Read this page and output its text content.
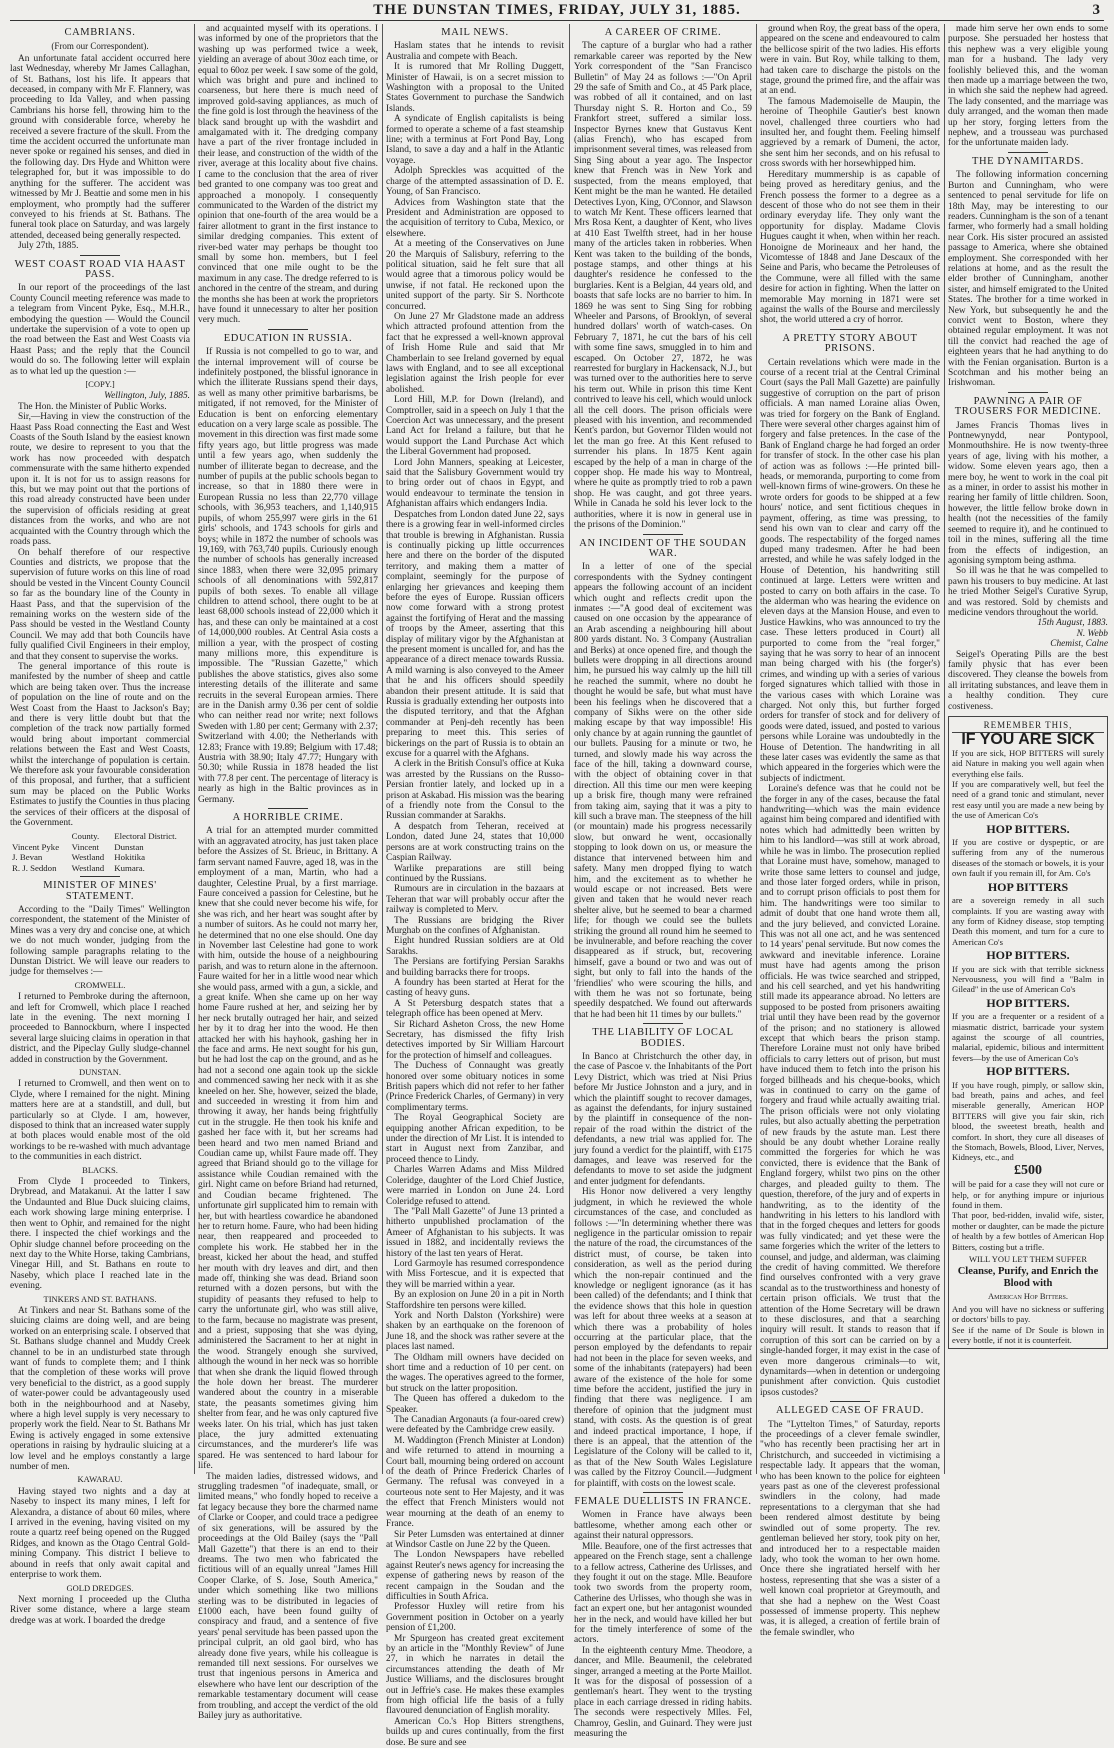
THE DUNSTAN TIMES, FRIDAY, JULY 31, 1885.	3
CAMBRIANS.
(From our Correspondent).

An unfortunate fatal accident occurred here last Wednesday, whereby Mr James Callaghan, of St. Bathans, lost his life. It appears that deceased, in company with Mr F. Flannery, was proceeding to Ida Valley, and when passing Cambrians his horse fell, throwing him to the ground with considerable force, whereby he received a severe fracture of the skull. From the time the accident occurred the unfortunate man never spoke or regained his senses, and died in the following day. Drs Hyde and Whitton were telegraphed for, but it was impossible to do anything for the sufferer. The accident was witnessed by Mr J. Beattie and some men in his employment, who promptly had the sufferer conveyed to his friends at St. Bathans. The funeral took place on Saturday, and was largely attended, deceased being generally respected.

July 27th, 1885.

WEST COAST ROAD VIA HAAST PASS.

In our report of the proceedings of the last County Council meeting reference was made to a telegram from Vincent Pyke, Esq., M.H.R., embodying the question — Would the Council undertake the supervision of a vote to open up the road between the East and West Coasts via Haast Pass; and the reply that the Council would do so. The following letter will explain as to what led up the question :—

[COPY.]
Wellington, July, 1885.

The Hon. the Minister of Public Works.

Sir,—Having in view the construction of the Haast Pass Road connecting the East and West Coasts of the South Island by the easiest known route, we desire to represent to you that the work has now proceeded with despatch commensurate with the same hitherto expended upon it. It is not for us to assign reasons for this, but we may point out that the portions of this road already constructed have been under the supervision of officials residing at great distances from the works, and who are not acquainted with the Country through which the roads pass.

On behalf therefore of our respective Counties and districts, we propose that the supervision of future works on this line of road should be vested in the Vincent County Council so far as the boundary line of the County in Haast Pass, and that the supervision of the remaining works on the western side of the Pass should be vested in the Westland County Council. We may add that both Councils have fully qualified Civil Engineers in their employ, and that they consent to supervise the works.

The general importance of this route is manifested by the number of sheep and cattle which are being taken over. Thus the increase of population on the line of route and on the West Coast from the Haast to Jackson's Bay; and there is very little doubt but that the completion of the track now partially formed would bring about important commercial relations between the East and West Coasts, whilst the interchange of population is certain. We therefore ask your favourable consideration of this proposal, and further, that a sufficient sum may be placed on the Public Works Estimates to justify the Counties in thus placing the services of their officers at the disposal of the Government.

	County.	Electoral District.
Vincent Pyke	Vincent	Dunstan
J. Bevan	Westland	Hokitika
R. J. Seddon	Westland	Kumara.
MINISTER OF MINES' STATEMENT.

According to the "Daily Times" Wellington correspondent, the statement of the Minister of Mines was a very dry and concise one, at which we do not much wonder, judging from the following sample paragraphs relating to the Dunstan District. We will leave our readers to judge for themselves :—

CROMWELL.

I returned to Pembroke during the afternoon, and left for Cromwell, which place I reached late in the evening. The next morning I proceeded to Bannockburn, where I inspected several large sluicing claims in operation in that district, and the Pipeclay Gully sludge-channel added in construction by the Government.

DUNSTAN.

I returned to Cromwell, and then went on to Clyde, where I remained for the night. Mining matters here are at a standstill, and dull, but particularly so at Clyde. I am, however, disposed to think that an increased water supply at both places would enable most of the old workings to be re-washed with much advantage to the communities in each district.

BLACKS.

From Clyde I proceeded to Tinkers, Drybread, and Matakanui. At the latter I saw the Undaunted and Blue Duck sluicing claims, each work showing large mining enterprise. I then went to Ophir, and remained for the night there. I inspected the chief workings and the Ophir sludge channel before proceeding on the next day to the White Horse, taking Cambrians, Vinegar Hill, and St. Bathans en route to Naseby, which place I reached late in the evening.

TINKERS AND ST. BATHANS.

At Tinkers and near St. Bathans some of the sluicing claims are doing well, and are being worked on an enterprising scale. I observed that St. Bathans sludge channel and Muddy Creek channel to be in an undisturbed state through want of funds to complete them; and I think that the completion of these works will prove very beneficial to the district, as a good supply of water-power could be advantageously used both in the neighbourhood and at Naseby, where a high level supply is very necessary to properly work the field. Near to St. Bathans Mr Ewing is actively engaged in some extensive operations in raising by hydraulic sluicing at a low level and he employs constantly a large number of men.

KAWARAU.

Having stayed two nights and a day at Naseby to inspect its many mines, I left for Alexandra, a distance of about 60 miles, where I arrived in the evening, having visited on my route a quartz reef being opened on the Rugged Ridges, and known as the Otago Central Gold-mining Company. This district I believe to abound in reefs that only await capital and enterprise to work them.

GOLD DREDGES.

Next morning I proceeded up the Clutha River some distance, where a large steam dredge was at work. I boarded the dredge

and acquainted myself with its operations. I was informed by one of the proprietors that the washing up was performed twice a week, yielding an average of about 30oz each time, or equal to 60oz per week. I saw some of the gold, which was bright and pure and inclined to coarseness, but here there is much need of improved gold-saving appliances, as much of the fine gold is lost through the heaviness of the black sand brought up with the washdirt and amalgamated with it. The dredging company have a part of the river frontage included in their lease, and construction of the width of the river, average at this locality about five chains. I came to the conclusion that the area of river bed granted to one company was too great and approached a monopoly. I consequently communicated to the Warden of the district my opinion that one-fourth of the area would be a fairer allotment to grant in the first instance to similar dredging companies. This extent of river-bed water may perhaps be thought too small by some hon. members, but I feel convinced that one mile ought to be the maximum in any case. The dredge referred to is anchored in the centre of the stream, and during the months she has been at work the proprietors have found it unnecessary to alter her position very much.

EDUCATION IN RUSSIA.

If Russia is not compelled to go to war, and the internal improvement will of course be indefinitely postponed, the blissful ignorance in which the illiterate Russians spend their days, as well as many other primitive barbarisms, be mitigated, if not removed, for the Minister of Education is bent on enforcing elementary education on a very large scale as possible. The movement in this direction was first made some fifty years ago, but little progress was made until a few years ago, when suddenly the number of illiterate began to decrease, and the number of pupils at the public schools began to increase, so that in 1880 there were in European Russia no less than 22,770 village schools, with 36,953 teachers, and 1,140,915 pupils, of whom 255,997 were girls in the 61 girls' schools, and 1743 schools for girls and boys; while in 1872 the number of schools was 19,169, with 763,740 pupils. Curiously enough the number of schools has generally increased since 1883, when there were 32,095 primary schools of all denominations with 592,817 pupils of both sexes. To enable all village children to attend school, there ought to be at least 68,000 schools instead of 22,000 which it has, and these can only be maintained at a cost of 14,000,000 roubles. At Central Asia costs a million a year, with the prospect of costing many millions more, this expenditure is impossible. The "Russian Gazette," which publishes the above statistics, gives also some interesting details of the illiterate and same recruits in the several European armies. There are in the Danish army 0.36 per cent of soldie who can neither read nor write; next follows Sweden with 1.80 per cent; Germany with 2.37; Switzerland with 4.00; the Netherlands with 12.83; France with 19.89; Belgium with 17.48; Austria with 38.90; Italy 47.77; Hungary with 50.30; while Russia in 1878 headed the list with 77.8 per cent. The percentage of literacy is nearly as high in the Baltic provinces as in Germany.

A HORRIBLE CRIME.

A trial for an attempted murder committed with an aggravated atrocity, has just taken place before the Assizes of St. Brieuc, in Brittany. A farm servant named Fauvre, aged 18, was in the employment of a man, Martin, who had a daughter, Celestine Prual, by a first marriage. Faure conceived a passion for Celestine, but he knew that she could never become his wife, for she was rich, and her heart was sought after by a number of suitors. As he could not marry her, he determined that no one else should. One day in November last Celestine had gone to work with him, outside the house of a neighbouring parish, and was to return alone in the afternoon. Faure waited for her in a little wood near which she would pass, armed with a gun, a sickle, and a great knife. When she came up on her way home Faure rushed at her, and seizing her by her neck brutally outraged her hair, and seized her by it to drag her into the wood. He then attacked her with his hayhook, gashing her in the face and arms. He next sought for his gun, but he had lost the cap on the ground, and as he had not a second one again took up the sickle and commenced sawing her neck with it as she kneeled on her. She, however, seized the blade, and succeeded in wresting it from him and throwing it away, her hands being frightfully cut in the struggle. He then took his knife and gashed her face with it, but her screams had been heard and two men named Briand and Coudian came up, whilst Faure made off. They agreed that Briand should go to the village for assistance while Coudian remained with the girl. Night came on before Briand had returned, and Coudian became frightened. The unfortunate girl supplicated him to remain with her, but with heartless cowardice he abandoned her to return home. Faure, who had been hiding near, then reappeared and proceeded to complete his work. He stabbed her in the breast, kicked her about the head, and stuffed her mouth with dry leaves and dirt, and then made off, thinking she was dead. Briand soon returned with a dozen persons, but with the stupidity of peasants they refused to help to carry the unfortunate girl, who was still alive, to the farm, because no magistrate was present, and a priest, supposing that she was dying, administered the Sacrament to her at night in the wood. Strangely enough she survived, although the wound in her neck was so horrible that when she drank the liquid flowed through the hole down her breast. The murderer wandered about the country in a miserable state, the peasants sometimes giving him shelter from fear, and he was only captured five weeks later. On his trial, which has just taken place, the jury admitted extenuating circumstances, and the murderer's life was spared. He was sentenced to hard labour for life.

The maiden ladies, distressed widows, and struggling tradesmen "of inadequate, small, or limited means," who fondly hoped to receive a fat legacy because they bore the charmed name of Clarke or Cooper, and could trace a pedigree of six generations, will be assured by the proceedings at the Old Bailey (says the "Pall Mall Gazette") that there is an end to their dreams. The two men who fabricated the fictitious will of an equally unreal "James Hill Cooper Clarke, of S. Jose, South America," under which something like two millions sterling was to be distributed in legacies of £1000 each, have been found guilty of conspiracy and fraud, and a sentence of five years' penal servitude has been passed upon the principal culprit, an old gaol bird, who has already done five years, while his colleague is remanded till next sessions. For ourselves we trust that ingenious persons in America and elsewhere who have lent our description of the remarkable testamentary document will cease from troubling, and accept the verdict of the old Bailey jury as authoritative.

MAIL NEWS.

Haslam states that he intends to revisit Australia and compete with Beach.

It is rumored that Mr Rolling Duggett, Minister of Hawaii, is on a secret mission to Washington with a proposal to the United States Government to purchase the Sandwich Islands.

A syndicate of English capitalists is being formed to operate a scheme of a fast steamship line; with a terminus at Fort Pond Bay, Long Island, to save a day and a half in the Atlantic voyage.

Adolph Spreckles was acquitted of the charge of the attempted assassination of D. E. Young, of San Francisco.

Advices from Washington state that the President and Administration are opposed to the acquisition of territory to Cuba, Mexico, or elsewhere.

At a meeting of the Conservatives on June 20 the Marquis of Salisbury, referring to the political situation, said he felt sure that all would agree that a timorous policy would be unwise, if not fatal. He reckoned upon the united support of the party. Sir S. Northcote concurred.

On June 27 Mr Gladstone made an address which attracted profound attention from the fact that he expressed a well-known approval of Irish Home Rule and said that Mr Chamberlain to see Ireland governed by equal laws with England, and to see all exceptional legislation against the Irish people for ever abolished.

Lord Hill, M.P. for Down (Ireland), and Comptroller, said in a speech on July 1 that the Coercion Act was unnecessary, and the present Land Act for Ireland a failure, but that he would support the Land Purchase Act which the Liberal Government had proposed.

Lord John Manners, speaking at Leicester, said that the Salisbury Government would try to bring order out of chaos in Egypt, and would endeavour to terminate the tension in Afghanistan affairs which endangers India.

Despatches from London dated June 22, says there is a growing fear in well-informed circles that trouble is brewing in Afghanistan. Russia is continually picking up little occurrences here and there on the border of the disputed territory, and making them a matter of complaint, seemingly for the purpose of enlarging her grievances and keeping them before the eyes of Europe. Russian officers now come forward with a strong protest against the fortifying of Herat and the massing of troops by the Ameer, asserting that this display of military vigor by the Afghanistan at the present moment is uncalled for, and has the appearance of a direct menace towards Russia. A mild warning is also conveyed to the Ameer that he and his officers should speedily abandon their present attitude. It is said that Russia is gradually extending her outposts into the disputed territory, and that the Afghan commander at Penj-deh recently has been preparing to meet this. This series of bickerings on the part of Russia is to obtain an excuse for a quarrel with the Afghans.

A clerk in the British Consul's office at Kuka was arrested by the Russians on the Russo-Persian frontier lately, and locked up in a prison at Askabad. His mission was the bearing of a friendly note from the Consul to the Russian commander at Sarakhs.

A despatch from Teheran, received at London, dated June 24, states that 10,000 persons are at work constructing trains on the Caspian Railway.

Warlike preparations are still being continued by the Russians.

Rumours are in circulation in the bazaars at Teheran that war will probably occur after the railway is completed to Merv.

The Russians are bridging the River Murghab on the confines of Afghanistan.

Eight hundred Russian soldiers are at Old Sarakhs.

The Persians are fortifying Persian Sarakhs and building barracks there for troops.

A foundry has been started at Herat for the casting of heavy guns.

A St Petersburg despatch states that a telegraph office has been opened at Merv.

Sir Richard Asheton Cross, the new Home Secretary, has dismissed the fifty Irish detectives imported by Sir William Harcourt for the protection of himself and colleagues.

The Duchess of Connaught was greatly honored over some obituary notices in some British papers which did not refer to her father (Prince Frederick Charles, of Germany) in very complimentary terms.

The Royal Geographical Society are equipping another African expedition, to be under the direction of Mr List. It is intended to start in August next from Zanzibar, and proceed thence to Lindy.

Charles Warren Adams and Miss Mildred Coleridge, daughter of the Lord Chief Justice, were married in London on June 24. Lord Coleridge refused to attend.

The "Pall Mall Gazette" of June 13 printed a hitherto unpublished proclamation of the Ameer of Afghanistan to his subjects. It was issued in 1882, and incidentally reviews the history of the last ten years of Herat.

Lord Garmoyle has resumed correspondence with Miss Fortescue, and it is expected that they will be married within a year.

By an explosion on June 20 in a pit in North Staffordshire ten persons were killed.

York and North Dalston (Yorkshire) were shaken by an earthquake on the forenoon of June 18, and the shock was rather severe at the places last named.

The Oldham mill owners have decided on short time and a reduction of 10 per cent. on the wages. The operatives agreed to the former, but struck on the latter proposition.

The Queen has offered a dukedom to the Speaker.

The Canadian Argonauts (a four-oared crew) were defeated by the Cambridge crew easily.

M. Waddington (French Minister at London) and wife returned to attend in mourning a Court ball, mourning being ordered on account of the death of Prince Frederick Charles of Germany. The refusal was conveyed in a courteous note sent to Her Majesty, and it was the effect that French Ministers would not wear mourning at the death of an enemy to France.

Sir Peter Lumsden was entertained at dinner at Windsor Castle on June 22 by the Queen.

The London Newspapers have rebelled against Reuter's news agency for increasing the expense of gathering news by reason of the recent campaign in the Soudan and the difficulties in South Africa.

Professor Huxley will retire from his Government position in October on a yearly pension of £1,200.

Mr Spurgeon has created great excitement by an article in the "Monthly Review" of June 27, in which he narrates in detail the circumstances attending the death of Mr Justice Williams, and the disclosures brought out in Jeffrie's case. He makes these examples from high official life the basis of a fully flavoured denunciation of English morality.

American Co.'s Hop Bitters strengthens, builds up and cures continually, from the first dose. Be sure and see

A CAREER OF CRIME.

The capture of a burglar who had a rather remarkable career was reported by the New York correspondent of the "San Francisco Bulletin" of May 24 as follows :—"On April 29 the safe of Smith and Co., at 45 Park place, was robbed of all it contained, and on last Thursday night S. R. Horton and Co., 59 Frankfort street, suffered a similar loss. Inspector Byrnes knew that Gustavus Kent (alias French), who has escaped from imprisonment several times, was released from Sing Sing about a year ago. The Inspector knew that French was in New York and suspected, from the means employed, that Kent might be the man he wanted. He detailed Detectives Lyon, King, O'Connor, and Slawson to watch Mr Kent. These officers learned that Mrs Rosa Kent, a daughter of Kent, who lives at 410 East Twelfth street, had in her house many of the articles taken in robberies. When Kent was taken to the building of the bonds, postage stamps, and other things at his daughter's residence he confessed to the burglaries. Kent is a Belgian, 44 years old, and boasts that safe locks are no barrier to him. In 1869 he was sent to Sing Sing for robbing Wheeler and Parsons, of Brooklyn, of several hundred dollars' worth of watch-cases. On February 7, 1871, he cut the bars of his cell with some fine saws, smuggled in to him and escaped. On October 27, 1872, he was rearrested for burglary in Hackensack, N.J., but was turned over to the authorities here to serve his term out. While in prison this time Kent contrived to leave his cell, which would unlock all the cell doors. The prison officials were pleased with his invention, and recommended Kent's pardon, but Governor Tilden would not let the man go free. At this Kent refused to surrender his plans. In 1875 Kent again escaped by the help of a man in charge of the copper shop. He made his way to Montreal, where he quite as promptly tried to rob a pawn shop. He was caught, and got three years. While in Canada he sold his lever lock to the authorities, where it is now in general use in the prisons of the Dominion."

AN INCIDENT OF THE SOUDAN WAR.

In a letter of one of the special correspondents with the Sydney contingent appears the following account of an incident which ought and reflects credit upon the inmates :—"A good deal of excitement was caused on one occasion by the appearance of an Arab ascending a neighbouring hill about 800 yards distant. No. 3 Company (Australian and Berks) at once opened fire, and though the bullets were dropping in all directions around him, he pursued his way calmly up the hill till he reached the summit, where no doubt he thought he would be safe, but what must have been his feelings when he discovered that a company of Sikhs were on the other side making escape by that way impossible! His only chance by at again running the gauntlet of our bullets. Pausing for a minute or two, he turned, and slowly made his way across the face of the hill, taking a downward course, with the object of obtaining cover in that direction. All this time our men were keeping up a brisk fire, though many were refrained from taking aim, saying that it was a pity to kill such a brave man. The steepness of the hill (or mountain) made his progress necessarily slow, but onward he went, occasionally stopping to look down on us, or measure the distance that intervened between him and safety. Many men dropped flying to watch him, and the excitement as to whether he would escape or not increased. Bets were given and taken that he would never reach shelter alive, but he seemed to bear a charmed life; for though we could see the bullets striking the ground all round him he seemed to be invulnerable, and before reaching the cover disappeared as if struck, but, recovering himself, gave a bound or two and was out of sight, but only to fall into the hands of the 'friendlies' who were scouring the hills, and with them he was not so fortunate, being speedily despatched. We found out afterwards that he had been hit 11 times by our bullets."

THE LIABILITY OF LOCAL BODIES.

In Banco at Christchurch the other day, in the case of Pascoe v. the Inhabitants of the Port Levy District, which was tried at Nisi Prius before Mr Justice Johnston and a jury, and in which the plaintiff sought to recover damages, as against the defendants, for injury sustained by the plaintiff in consequence of the non-repair of the road within the district of the defendants, a new trial was applied for. The jury found a verdict for the plaintiff, with £175 damages, and leave was reserved for the defendants to move to set aside the judgment and enter judgment for defendants.

His Honor now delivered a very lengthy judgment, in which he reviewed the whole circumstances of the case, and concluded as follows :—"In determining whether there was negligence in the particular omission to repair the nature of the road, the circumstances of the district must, of course, be taken into consideration, as well as the period during which the non-repair continued and the knowledge or negligent ignorance (as it has been called) of the defendants; and I think that the evidence shows that this hole in question was left for about three weeks at a season at which there was a probability of holes occurring at the particular place, that the person employed by the defendants to repair had not been in the place for seven weeks, and some of the inhabitants (ratepayers) had been aware of the existence of the hole for some time before the accident, justified the jury in finding that there was negligence. I am therefore of opinion that the judgment must stand, with costs. As the question is of great and indeed practical importance, I hope, if there is an appeal, that the attention of the Legislature of the Colony will be called to it, as that of the New South Wales Legislature was called by the Fitzroy Council.—Judgment for plaintiff, with costs on the lowest scale.

FEMALE DUELLISTS IN FRANCE.

Women in France have always been battlesome, whether among each other or against their natural oppressors.

Mlle. Beaufore, one of the first actresses that appeared on the French stage, sent a challenge to a fellow actress, Catherine des Urlisses, and they fought it out on the stage. Mlle. Beaufore took two swords from the property room, Catherine des Urlisses, who though she was in fact an expert one, but her antagonist wounded her in the neck, and would have killed her but for the timely interference of some of the actors.

In the eighteenth century Mme. Theodore, a dancer, and Mlle. Beaumenil, the celebrated singer, arranged a meeting at the Porte Maillot. It was for the disposal of possession of a gentleman's heart. They went to the trysting place in each carriage dressed in riding habits. The seconds were respectively Mlles. Fel, Chamroy, Geslin, and Guinard. They were just measuring the

ground when Roy, the great bass of the opera, appeared on the scene and endeavoured to calm the bellicose spirit of the two ladies. His efforts were in vain. But Roy, while talking to them, had taken care to discharge the pistols on the stage, ground the primed fire, and the affair was at an end.

The famous Mademoiselle de Maupin, the heroine of Theophile Gautier's best known novel, challenged three courtiers who had insulted her, and fought them. Feeling himself aggrieved by a remark of Dumeni, the actor, she sent him her seconds, and on his refusal to cross swords with her horsewhipped him.

Hereditary mummership is as capable of being proved as hereditary genius, and the French possess the former to a degree as a descent of those who do not see them in their ordinary everyday life. They only want the opportunity for display. Madame Clovis Hugues caught it when, when within her reach. Honoigne de Morineaux and her hand, the Vicomtesse of 1848 and Jane Descaux of the Seine and Paris, who became the Petroleuses of the Commune, were all filled with the same desire for action in fighting. When the latter on memorable May morning in 1871 were set against the walls of the Bourse and mercilessly shot, the world uttered a cry of horror.

A PRETTY STORY ABOUT PRISONS.

Certain revelations which were made in the course of a recent trial at the Central Criminal Court (says the Pall Mall Gazette) are painfully suggestive of corruption on the part of prison officials. A man named Loraine alias Owen, was tried for forgery on the Bank of England. There were several other charges against him of forgery and false pretences. In the case of the Bank of England charge he had forged an order for transfer of stock. In the other case his plan of action was as follows :—He printed bill-heads, or memoranda, purporting to come from well-known firms of wine-growers. On these he wrote orders for goods to be shipped at a few hours' notice, and sent fictitious cheques in payment, offering, as time was pressing, to send his own van to clear and carry off the goods. The respectability of the forged names duped many tradesmen. After he had been arrested, and while he was safely lodged in the House of Detention, his handwriting still continued at large. Letters were written and posted to carry on both affairs in the case. To the alderman who was hearing the evidence on eleven days at the Mansion House, and even to Justice Hawkins, who was announced to try the case. These letters produced in Court) all purported to come from the "real forger," saying that he was sorry to hear of an innocent man being charged with his (the forger's) crimes, and winding up with a series of various forged signatures which tallied with those in the various cases with which Loraine was charged. Not only this, but further forged orders for transfer of stock and for delivery of goods were dated, issued, and posted to various persons while Loraine was undoubtedly in the House of Detention. The handwriting in all these later cases was evidently the same as that which appeared in the forgeries which were the subjects of indictment.

Loraine's defence was that he could not be the forger in any of the cases, because the fatal handwriting—which was the main evidence against him being compared and identified with notes which had admittedly been written by him to his landlord—was still at work abroad, while he was in limbo. The prosecution replied that Loraine must have, somehow, managed to write those same letters to counsel and judge, and those later forged orders, while in prison, and to corrupt prison officials to post them for him. The handwritings were too similar to admit of doubt that one hand wrote them all, and the jury believed, and convicted Loraine. This was not all one act, and he was sentenced to 14 years' penal servitude. But now comes the awkward and inevitable inference. Loraine must have had agents among the prison officials. He was twice searched and stripped, and his cell searched, and yet his handwriting still made its appearance abroad. No letters are supposed to be posted from prisoners awaiting trial until they have been read by the governor of the prison; and no stationery is allowed except that which bears the prison stamp. Therefore Loraine must not only have bribed officials to carry letters out of prison, but must have induced them to fetch into the prison his forged billheads and his cheque-books, which was in continued to carry on the game of forgery and fraud while actually awaiting trial. The prison officials were not only violating rules, but also actually abetting the perpetration of new frauds by the astute man. Lest there should be any doubt whether Loraine really committed the forgeries for which he was convicted, there is evidence that the Bank of England forgery, whilst two pins on the other charges, and pleaded guilty to them. The question, therefore, of the jury and of experts in handwriting, as to the identity of the handwriting in his letters to his landlord with that in the forged cheques and letters for goods was fully vindicated; and yet these were the same forgeries which the writer of the letters to counsel, and judge, and alderman, was claiming the credit of having committed. We therefore find ourselves confronted with a very grave scandal as to the trustworthiness and honesty of certain prison officials. We trust that the attention of the Home Secretary will be drawn to these disclosures, and that a searching inquiry will result. It stands to reason that if corruption of this sort can be carried on by a single-handed forger, it may exist in the case of even more dangerous criminals—to wit, dynamitards—when in detention or undergoing punishment after conviction. Quis custodiet ipsos custodes?

ALLEGED CASE OF FRAUD.

The "Lyttelton Times," of Saturday, reports the proceedings of a clever female swindler, "who has recently been practising her art in Christchurch, and succeeded in victimising a respectable lady. It appears that the woman, who has been known to the police for eighteen years past as one of the cleverest professional swindlers in the colony, had made representations to a clergyman that she had been rendered almost destitute by being swindled out of some property. The rev. gentleman believed her story, took pity on her, and introduced her to a respectable maiden lady, who took the woman to her own home. Once there she ingratiated herself with her hostess, representing that she was a sister of a well known coal proprietor at Greymouth, and that she had a nephew on the West Coast possessed of immense property. This nephew was, it is alleged, a creation of fertile brain of the female swindler, who

made him serve her own ends to some purpose. She persuaded her hostess that this nephew was a very eligible young man for a husband. The lady very foolishly believed this, and the woman then made up a marriage between the two, in which she said the nephew had agreed. The lady consented, and the marriage was duly arranged, and the woman then made up her story, forging letters from the nephew, and a trousseau was purchased for the unfortunate maiden lady.

THE DYNAMITARDS.

The following information concerning Burton and Cunningham, who were sentenced to penal servitude for life on 18th May, may be interesting to our readers. Cunningham is the son of a tenant farmer, who formerly had a small holding near Cork. His sister procured an assisted passage to America, where she obtained employment. She corresponded with her relations at home, and as the result the elder brother of Cunningham, another sister, and himself emigrated to the United States. The brother for a time worked in New York, but subsequently he and the convict went to Boston, where they obtained regular employment. It was not till the convict had reached the age of eighteen years that he had anything to do with the Fenian organisation. Burton is a Scotchman and his mother being an Irishwoman.

PAWNING A PAIR OF TROUSERS FOR MEDICINE.

James Francis Thomas lives in Pontnewynydd, near Pontypool, Monmouthshire. He is now twenty-three years of age, living with his mother, a widow. Some eleven years ago, then a mere boy, he went to work in the coal pit as a miner, in order to assist his mother in rearing her family of little children. Soon, however, the little fellow broke down in health (not the necessities of the family seemed to require it), and he continued to toil in the mines, suffering all the time from the effects of indigestion, an agonising symptom being asthma.

So ill was he that he was compelled to pawn his trousers to buy medicine. At last he tried Mother Seigel's Curative Syrup, and was restored. Sold by chemists and medicine vendors throughout the world.

15th August, 1883.
N. Webb
Chemist, Calne

Seigel's Operating Pills are the best family physic that has ever been discovered. They cleanse the bowels from all irritating substances, and leave them in a healthy condition. They cure costiveness.

REMEMBER THIS,
IF YOU ARE SICK

If you are sick, HOP BITTERS will surely aid Nature in making you well again when everything else fails.

If you are comparatively well, but feel the need of a grand tonic and stimulant, never rest easy until you are made a new being by the use of American Co's

HOP BITTERS.

If you are costive or dyspeptic, or are suffering from any of the numerous diseases of the stomach or bowels, it is your own fault if you remain ill, for Am. Co's

HOP BITTERS

are a sovereign remedy in all such complaints. If you are wasting away with any form of Kidney disease, stop tempting Death this moment, and turn for a cure to American Co's

HOP BITTERS.

If you are sick with that terrible sickness Nervousness, you will find a "Balm in Gilead" in the use of American Co's

HOP BITTERS.

If you are a frequenter or a resident of a miasmatic district, barricade your system against the scourge of all countries, malarial, epidemic, bilious and intermittent fevers—by the use of American Co's

HOP BITTERS.

If you have rough, pimply, or sallow skin, bad breath, pains and aches, and feel miserable generally, American HOP BITTERS will give you fair skin, rich blood, the sweetest breath, health and comfort. In short, they cure all diseases of the Stomach, Bowels, Blood, Liver, Nerves, Kidneys, etc., and

£500

will be paid for a case they will not cure or help, or for anything impure or injurious found in them.

That poor, bed-ridden, invalid wife, sister, mother or daughter, can be made the picture of health by a few bottles of American Hop Bitters, costing but a trifle.

WILL YOU LET THEM SUFFER
Cleanse, Purify, and Enrich the
Blood with
American Hop Bitters.

And you will have no sickness or suffering or doctors' bills to pay.

See if the name of Dr Soule is blown in every bottle, if not it is counterfeit.
